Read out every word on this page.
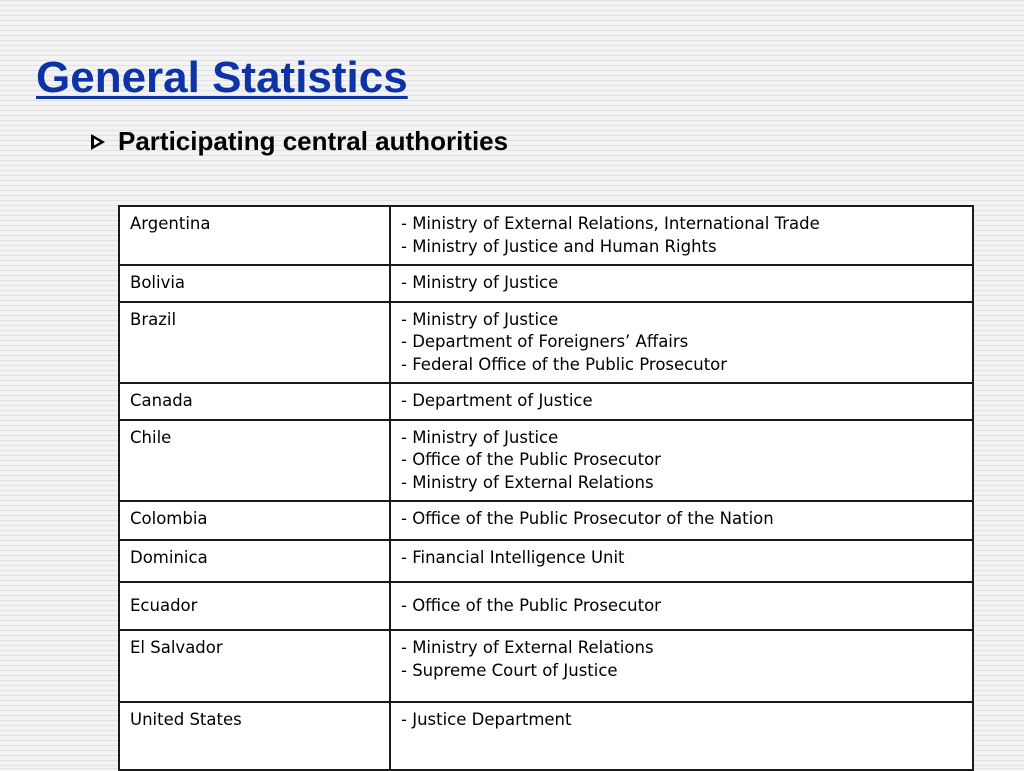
General Statistics
Participating central authorities
Argentina	- Ministry of External Relations, International Trade
- Ministry of Justice and Human Rights

Bolivia	- Ministry of Justice

Brazil	- Ministry of Justice
- Department of Foreigners’ Affairs
- Federal Office of the Public Prosecutor

Canada	- Department of Justice

Chile	- Ministry of Justice
- Office of the Public Prosecutor
- Ministry of External Relations

Colombia	- Office of the Public Prosecutor of the Nation

Dominica	- Financial Intelligence Unit

Ecuador	- Office of the Public Prosecutor

El Salvador	- Ministry of External Relations
- Supreme Court of Justice

United States	- Justice Department
